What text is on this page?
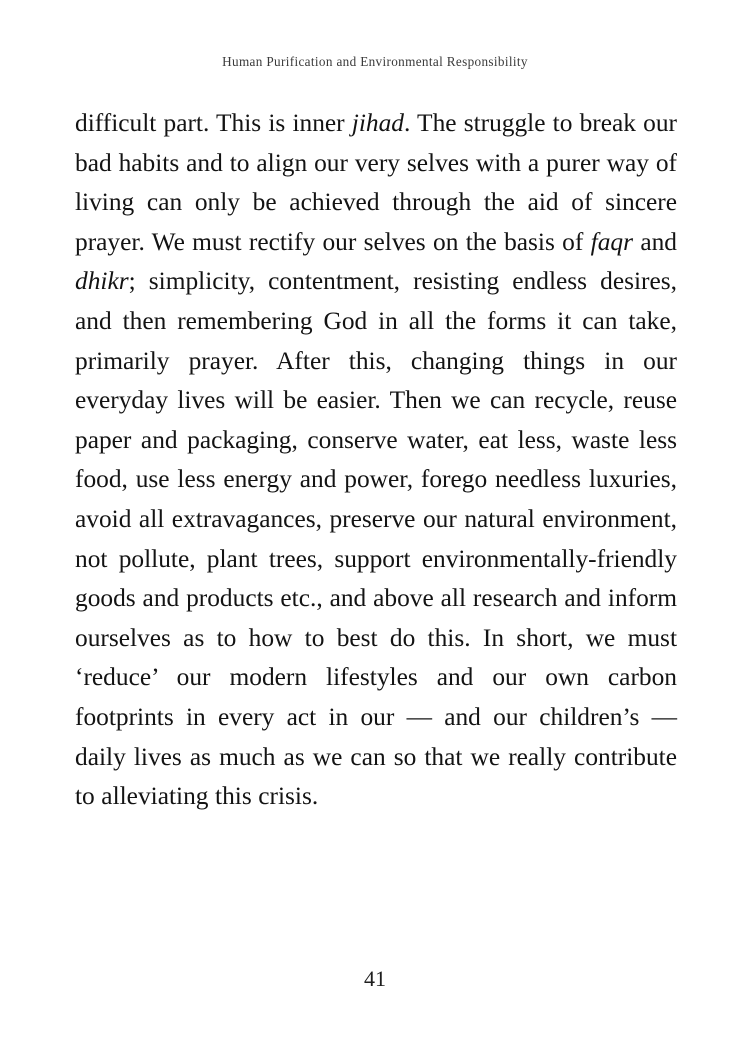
Human Purification and Environmental Responsibility

difficult part. This is inner jihad. The struggle to break our bad habits and to align our very selves with a purer way of living can only be achieved through the aid of sincere prayer. We must rectify our selves on the basis of faqr and dhikr; simplicity, contentment, resisting endless desires, and then remembering God in all the forms it can take, primarily prayer. After this, changing things in our everyday lives will be easier. Then we can recycle, reuse paper and packaging, conserve water, eat less, waste less food, use less energy and power, forego needless luxuries, avoid all extravagances, preserve our natural environment, not pollute, plant trees, support environmentally-friendly goods and products etc., and above all research and inform ourselves as to how to best do this. In short, we must ‘reduce’ our modern lifestyles and our own carbon footprints in every act in our — and our children’s — daily lives as much as we can so that we really contribute to alleviating this crisis.

41
